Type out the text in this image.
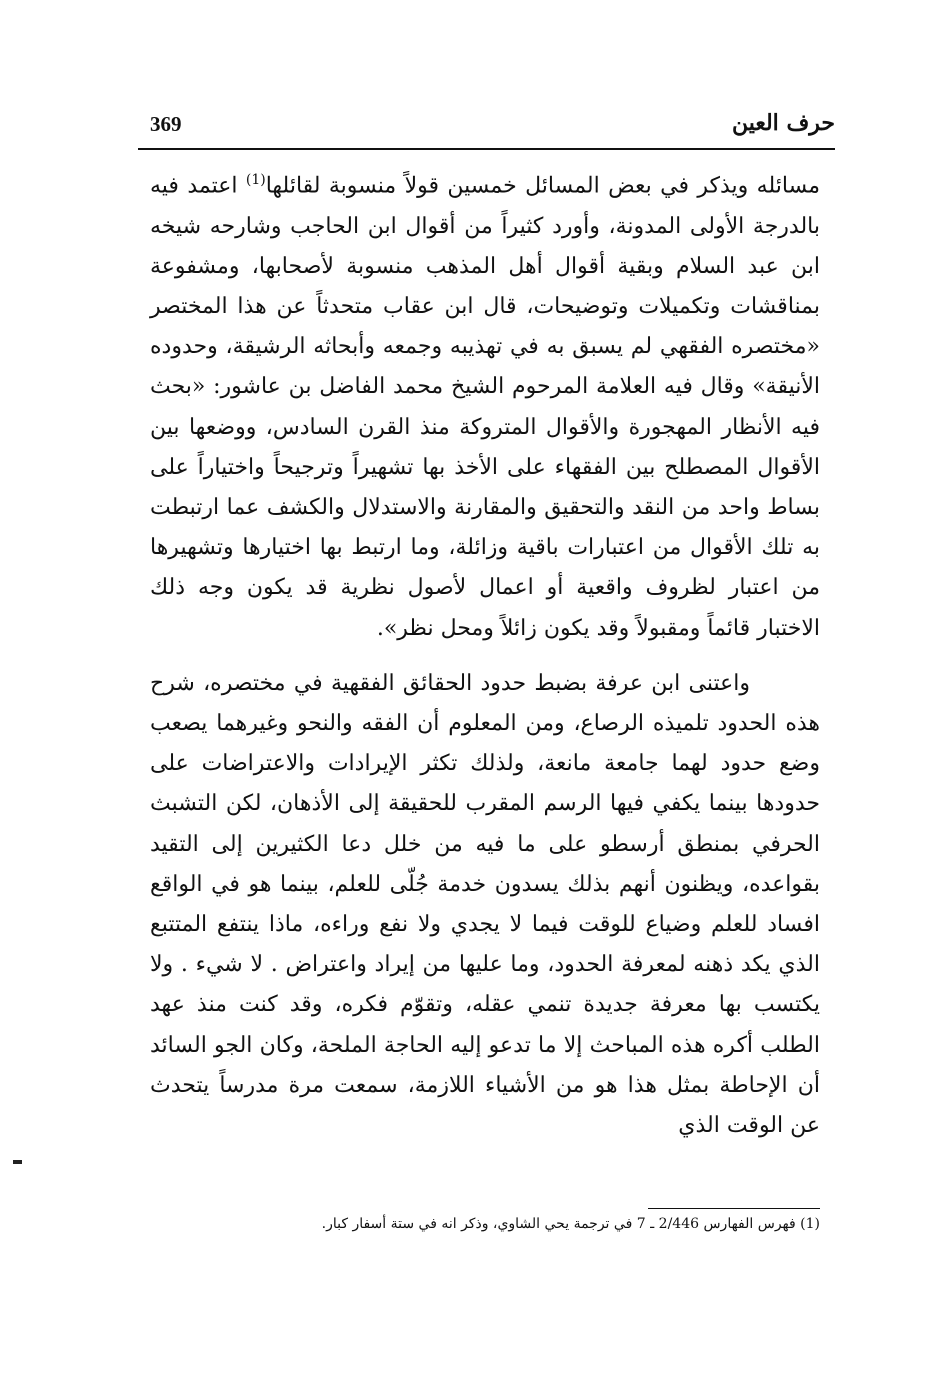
369	حرف العين

مسائله ويذكر في بعض المسائل خمسين قولاً منسوبة لقائلها$^{(1)}$ اعتمد فيه بالدرجة الأولى المدونة، وأورد كثيراً من أقوال ابن الحاجب وشارحه شيخه ابن عبد السلام وبقية أقوال أهل المذهب منسوبة لأصحابها، ومشفوعة بمناقشات وتكميلات وتوضيحات، قال ابن عقاب متحدثاً عن هذا المختصر «مختصره الفقهي لم يسبق به في تهذيبه وجمعه وأبحاثه الرشيقة، وحدوده الأنيقة» وقال فيه العلامة المرحوم الشيخ محمد الفاضل بن عاشور: «بحث فيه الأنظار المهجورة والأقوال المتروكة منذ القرن السادس، ووضعها بين الأقوال المصطلح بين الفقهاء على الأخذ بها تشهيراً وترجيحاً واختياراً على بساط واحد من النقد والتحقيق والمقارنة والاستدلال والكشف عما ارتبطت به تلك الأقوال من اعتبارات باقية وزائلة، وما ارتبط بها اختيارها وتشهيرها من اعتبار لظروف واقعية أو اعمال لأصول نظرية قد يكون وجه ذلك الاختبار قائماً ومقبولاً وقد يكون زائلاً ومحل نظر».

واعتنى ابن عرفة بضبط حدود الحقائق الفقهية في مختصره، شرح هذه الحدود تلميذه الرصاع، ومن المعلوم أن الفقه والنحو وغيرهما يصعب وضع حدود لهما جامعة مانعة، ولذلك تكثر الإيرادات والاعتراضات على حدودها بينما يكفي فيها الرسم المقرب للحقيقة إلى الأذهان، لكن التشبث الحرفي بمنطق أرسطو على ما فيه من خلل دعا الكثيرين إلى التقيد بقواعده، ويظنون أنهم بذلك يسدون خدمة جُلّى للعلم، بينما هو في الواقع افساد للعلم وضياع للوقت فيما لا يجدي ولا نفع وراءه، ماذا ينتفع المتتبع الذي يكد ذهنه لمعرفة الحدود، وما عليها من إيراد واعتراض . لا شيء . ولا يكتسب بها معرفة جديدة تنمي عقله، وتقوّم فكره، وقد كنت منذ عهد الطلب أكره هذه المباحث إلا ما تدعو إليه الحاجة الملحة، وكان الجو السائد أن الإحاطة بمثل هذا هو من الأشياء اللازمة، سمعت مرة مدرساً يتحدث عن الوقت الذي

(1) فهرس الفهارس 2/446 ـ 7 في ترجمة يحي الشاوي، وذكر انه في ستة أسفار كبار.
